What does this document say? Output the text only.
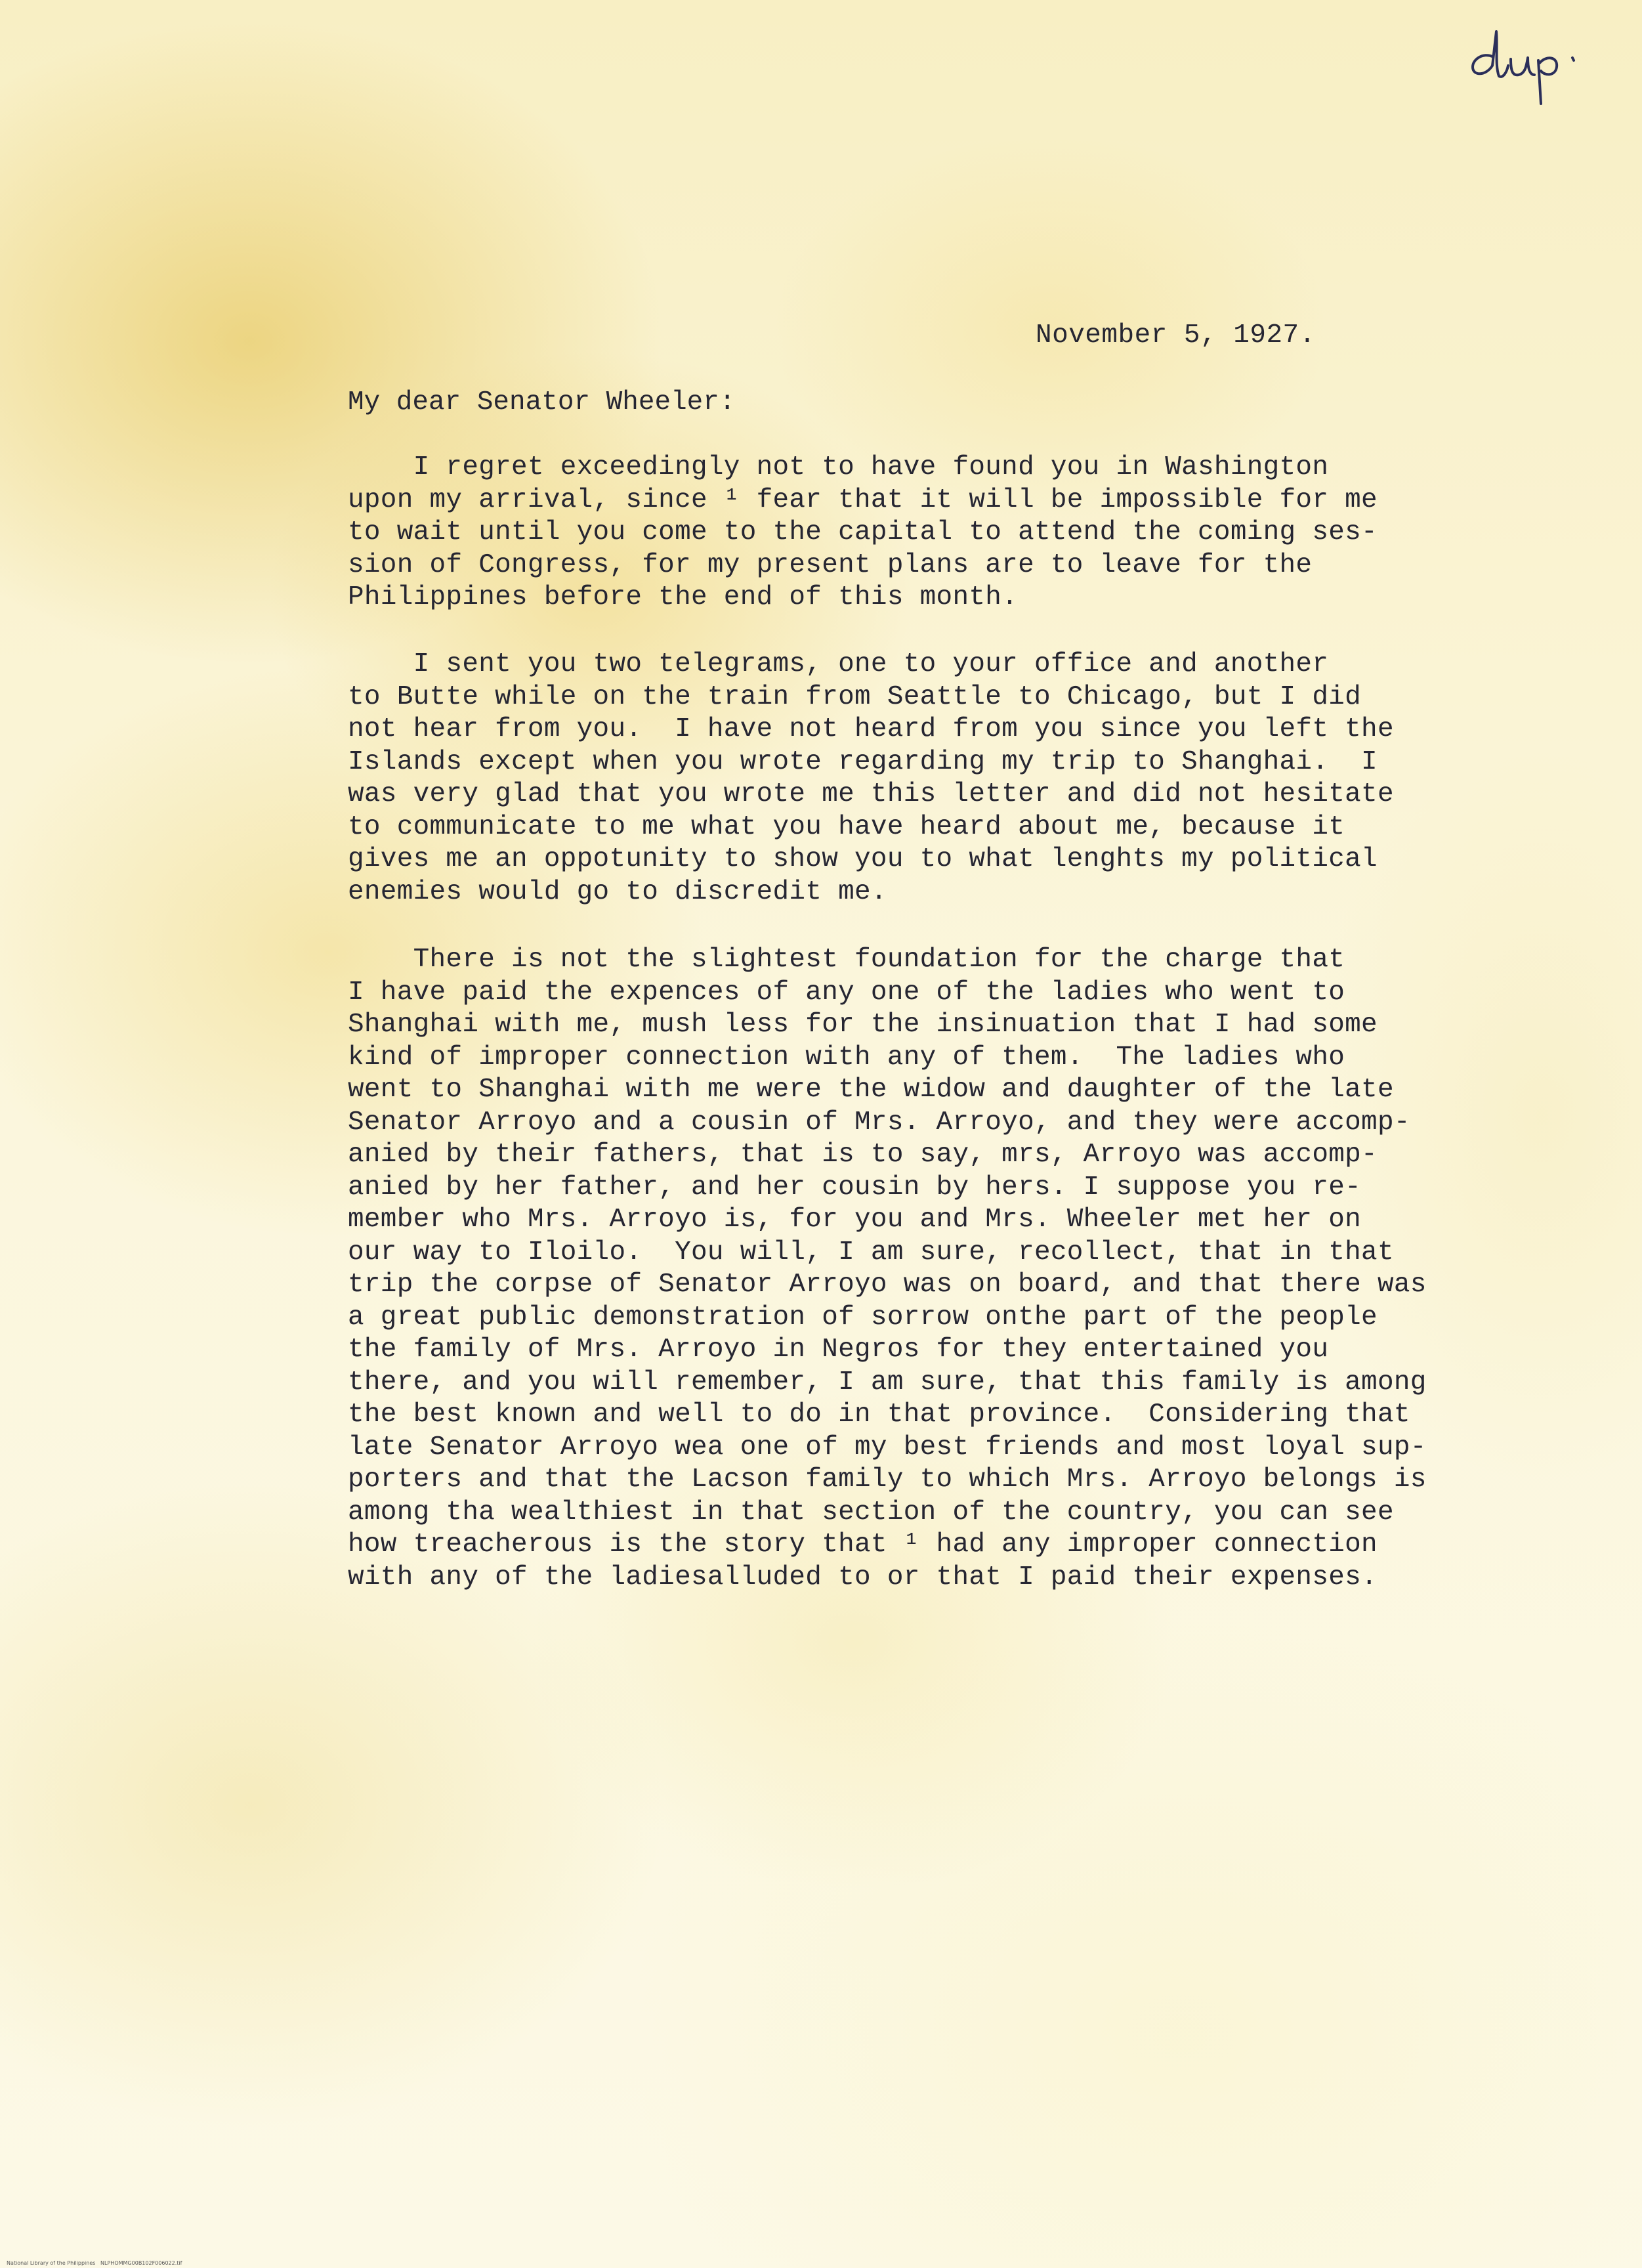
November 5, 1927.
My dear Senator Wheeler:
I regret exceedingly not to have found you in Washington
upon my arrival, since ¹ fear that it will be impossible for me
to wait until you come to the capital to attend the coming ses-
sion of Congress, for my present plans are to leave for the
Philippines before the end of this month.
I sent you two telegrams, one to your office and another
to Butte while on the train from Seattle to Chicago, but I did
not hear from you.  I have not heard from you since you left the
Islands except when you wrote regarding my trip to Shanghai.  I
was very glad that you wrote me this letter and did not hesitate
to communicate to me what you have heard about me, because it
gives me an oppotunity to show you to what lenghts my political
enemies would go to discredit me.
There is not the slightest foundation for the charge that
I have paid the expences of any one of the ladies who went to
Shanghai with me, mush less for the insinuation that I had some
kind of improper connection with any of them.  The ladies who
went to Shanghai with me were the widow and daughter of the late
Senator Arroyo and a cousin of Mrs. Arroyo, and they were accomp-
anied by their fathers, that is to say, mrs, Arroyo was accomp-
anied by her father, and her cousin by hers. I suppose you re-
member who Mrs. Arroyo is, for you and Mrs. Wheeler met her on
our way to Iloilo.  You will, I am sure, recollect, that in that
trip the corpse of Senator Arroyo was on board, and that there was
a great public demonstration of sorrow onthe part of the people
the family of Mrs. Arroyo in Negros for they entertained you
there, and you will remember, I am sure, that this family is among
the best known and well to do in that province.  Considering that
late Senator Arroyo wea one of my best friends and most loyal sup-
porters and that the Lacson family to which Mrs. Arroyo belongs is
among tha wealthiest in that section of the country, you can see
how treacherous is the story that ¹ had any improper connection
with any of the ladiesalluded to or that I paid their expenses.
National Library of the Philippines   NLPHOMMG00B102F006022.tif
